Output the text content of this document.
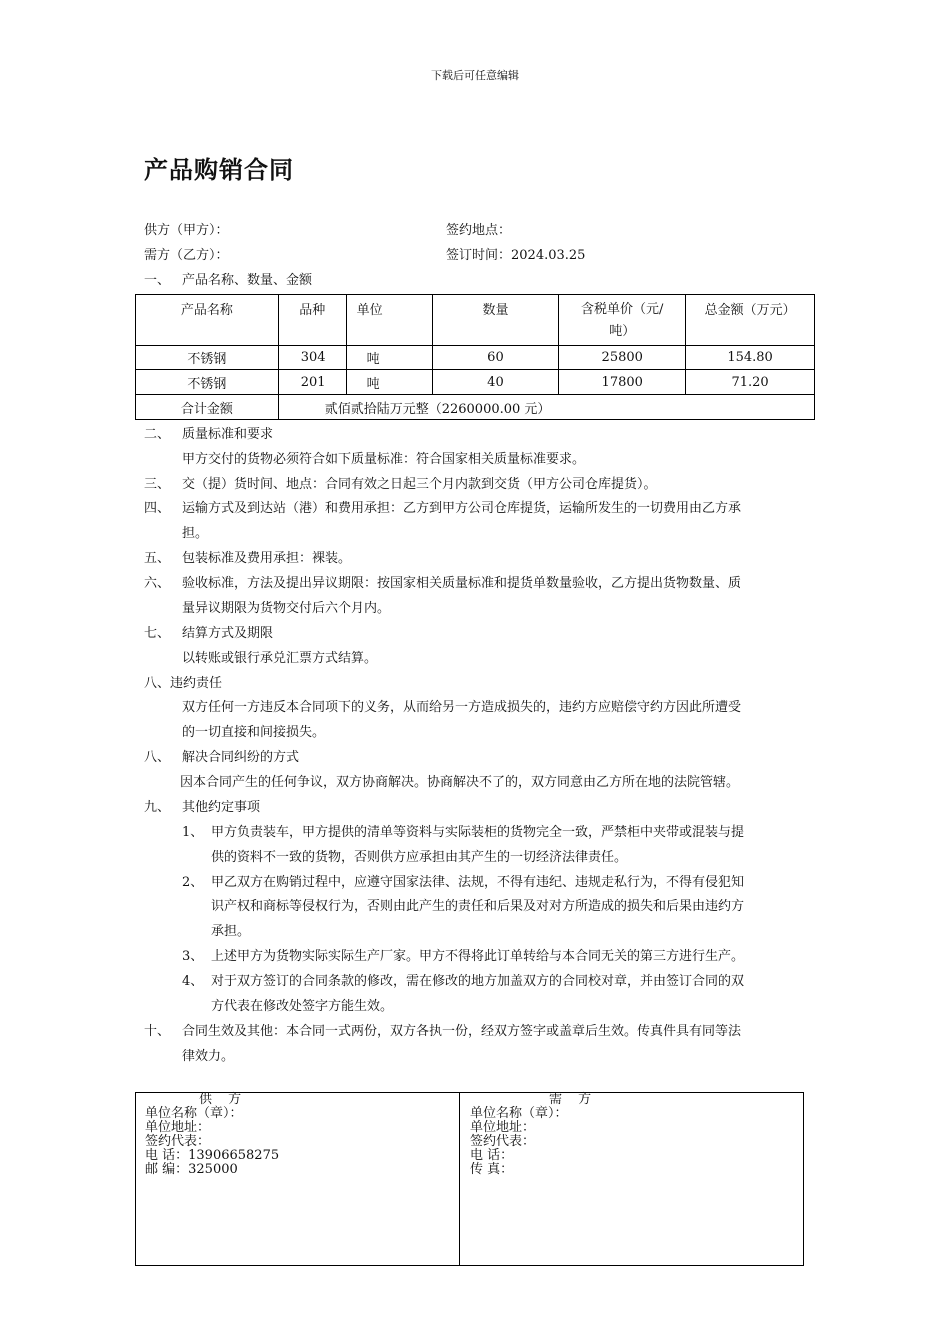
下载后可任意编辑
产品购销合同
供方（甲方）：	签约地点：
需方（乙方）：	签订时间：2024.03.25
一、 产品名称、数量、金额
产品名称	品种	单位	数量	含税单价（元/
吨）	总金额（万元）
不锈钢	304	吨	60	25800	154.80
不锈钢	201	吨	40	17800	71.20
合计金额	贰佰贰拾陆万元整（2260000.00 元）				
二、 质量标准和要求
甲方交付的货物必须符合如下质量标准：符合国家相关质量标准要求。
三、 交（提）货时间、地点：合同有效之日起三个月内款到交货（甲方公司仓库提货）。
四、 运输方式及到达站（港）和费用承担：乙方到甲方公司仓库提货，运输所发生的一切费用由乙方承
担。
五、 包装标准及费用承担：裸装。
六、 验收标准，方法及提出异议期限：按国家相关质量标准和提货单数量验收，乙方提出货物数量、质
量异议期限为货物交付后六个月内。
七、 结算方式及期限
以转账或银行承兑汇票方式结算。
八、违约责任
双方任何一方违反本合同项下的义务，从而给另一方造成损失的，违约方应赔偿守约方因此所遭受
的一切直接和间接损失。
八、 解决合同纠纷的方式
因本合同产生的任何争议，双方协商解决。协商解决不了的，双方同意由乙方所在地的法院管辖。
九、 其他约定事项
1、 甲方负责装车，甲方提供的清单等资料与实际装柜的货物完全一致，严禁柜中夹带或混装与提
供的资料不一致的货物，否则供方应承担由其产生的一切经济法律责任。
2、 甲乙双方在购销过程中，应遵守国家法律、法规，不得有违纪、违规走私行为，不得有侵犯知
识产权和商标等侵权行为，否则由此产生的责任和后果及对对方所造成的损失和后果由违约方
承担。
3、 上述甲方为货物实际实际生产厂家。甲方不得将此订单转给与本合同无关的第三方进行生产。
4、 对于双方签订的合同条款的修改，需在修改的地方加盖双方的合同校对章，并由签订合同的双
方代表在修改处签字方能生效。
十、 合同生效及其他：本合同一式两份，双方各执一份，经双方签字或盖章后生效。传真件具有同等法
律效力。
供 方
单位名称（章）：
单位地址：
签约代表：
电 话：13906658275
邮 编：325000
需 方
单位名称（章）：
单位地址：
签约代表：
电 话：
传 真：
